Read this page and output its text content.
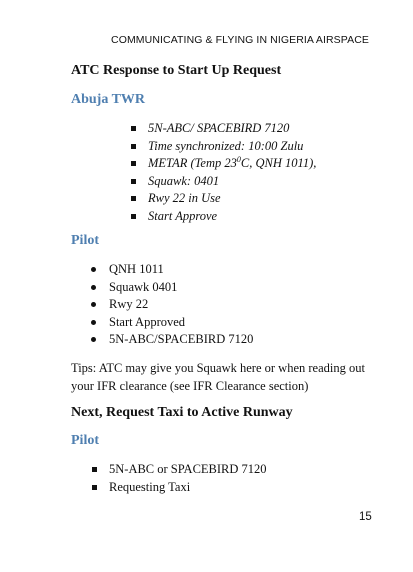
COMMUNICATING & FLYING IN NIGERIA AIRSPACE
ATC Response to Start Up Request
Abuja TWR
5N-ABC/ SPACEBIRD 7120
Time synchronized: 10:00 Zulu
METAR (Temp $23^0C$, QNH 1011),
Squawk: 0401
Rwy 22 in Use
Start Approve
Pilot
QNH 1011
Squawk 0401
Rwy 22
Start Approved
5N-ABC/SPACEBIRD 7120
Tips: ATC may give you Squawk here or when reading out your IFR clearance (see IFR Clearance section)
Next, Request Taxi to Active Runway
Pilot
5N-ABC or SPACEBIRD 7120
Requesting Taxi
15
